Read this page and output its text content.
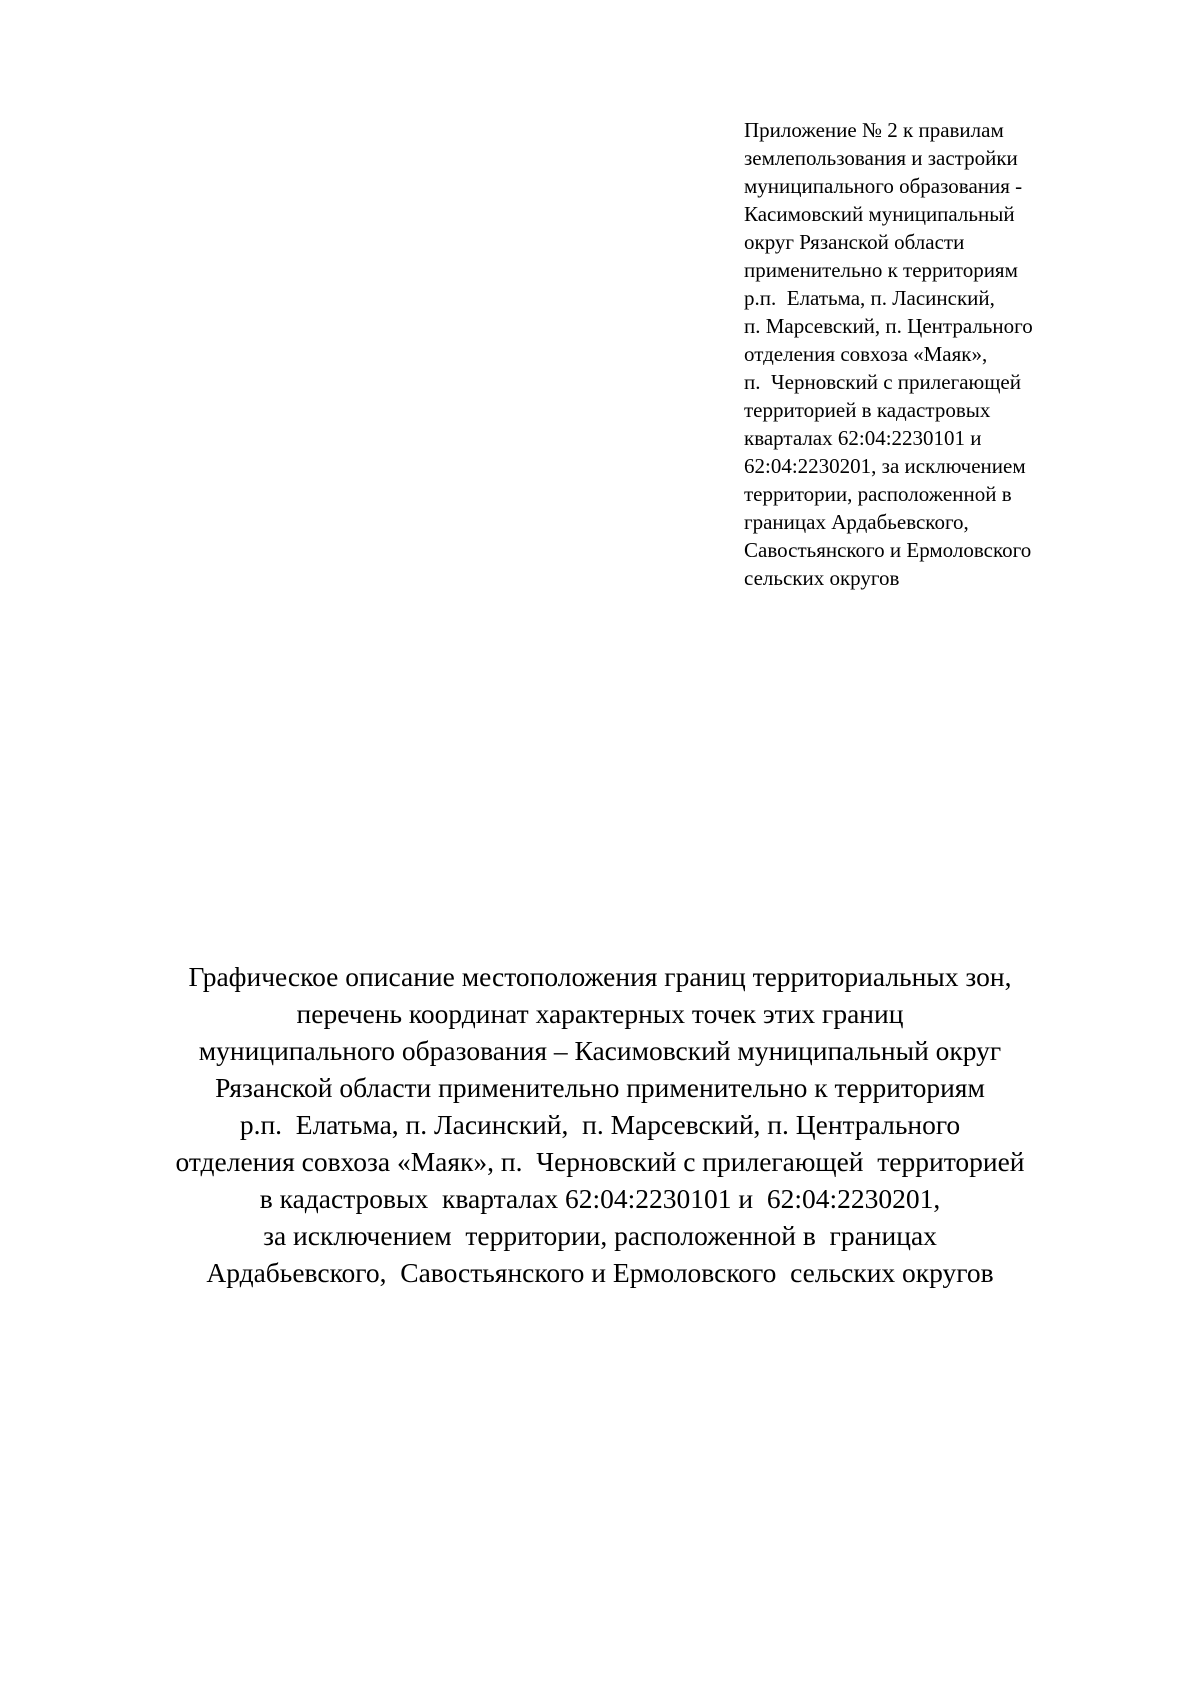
Приложение № 2 к правилам
землепользования и застройки
муниципального образования -
Касимовский муниципальный
округ Рязанской области
применительно к территориям
р.п.  Елатьма, п. Ласинский,
п. Марсевский, п. Центрального
отделения совхоза «Маяк»,
п.  Черновский с прилегающей
территорией в кадастровых
кварталах 62:04:2230101 и
62:04:2230201, за исключением
территории, расположенной в
границах Ардабьевского,
Савостьянского и Ермоловского
сельских округов
Графическое описание местоположения границ территориальных зон,
перечень координат характерных точек этих границ
муниципального образования – Касимовский муниципальный округ
Рязанской области применительно применительно к территориям
р.п.  Елатьма, п. Ласинский,  п. Марсевский, п. Центрального
отделения совхоза «Маяк», п.  Черновский с прилегающей  территорией
в кадастровых  кварталах 62:04:2230101 и  62:04:2230201,
за исключением  территории, расположенной в  границах
Ардабьевского,  Савостьянского и Ермоловского  сельских округов
